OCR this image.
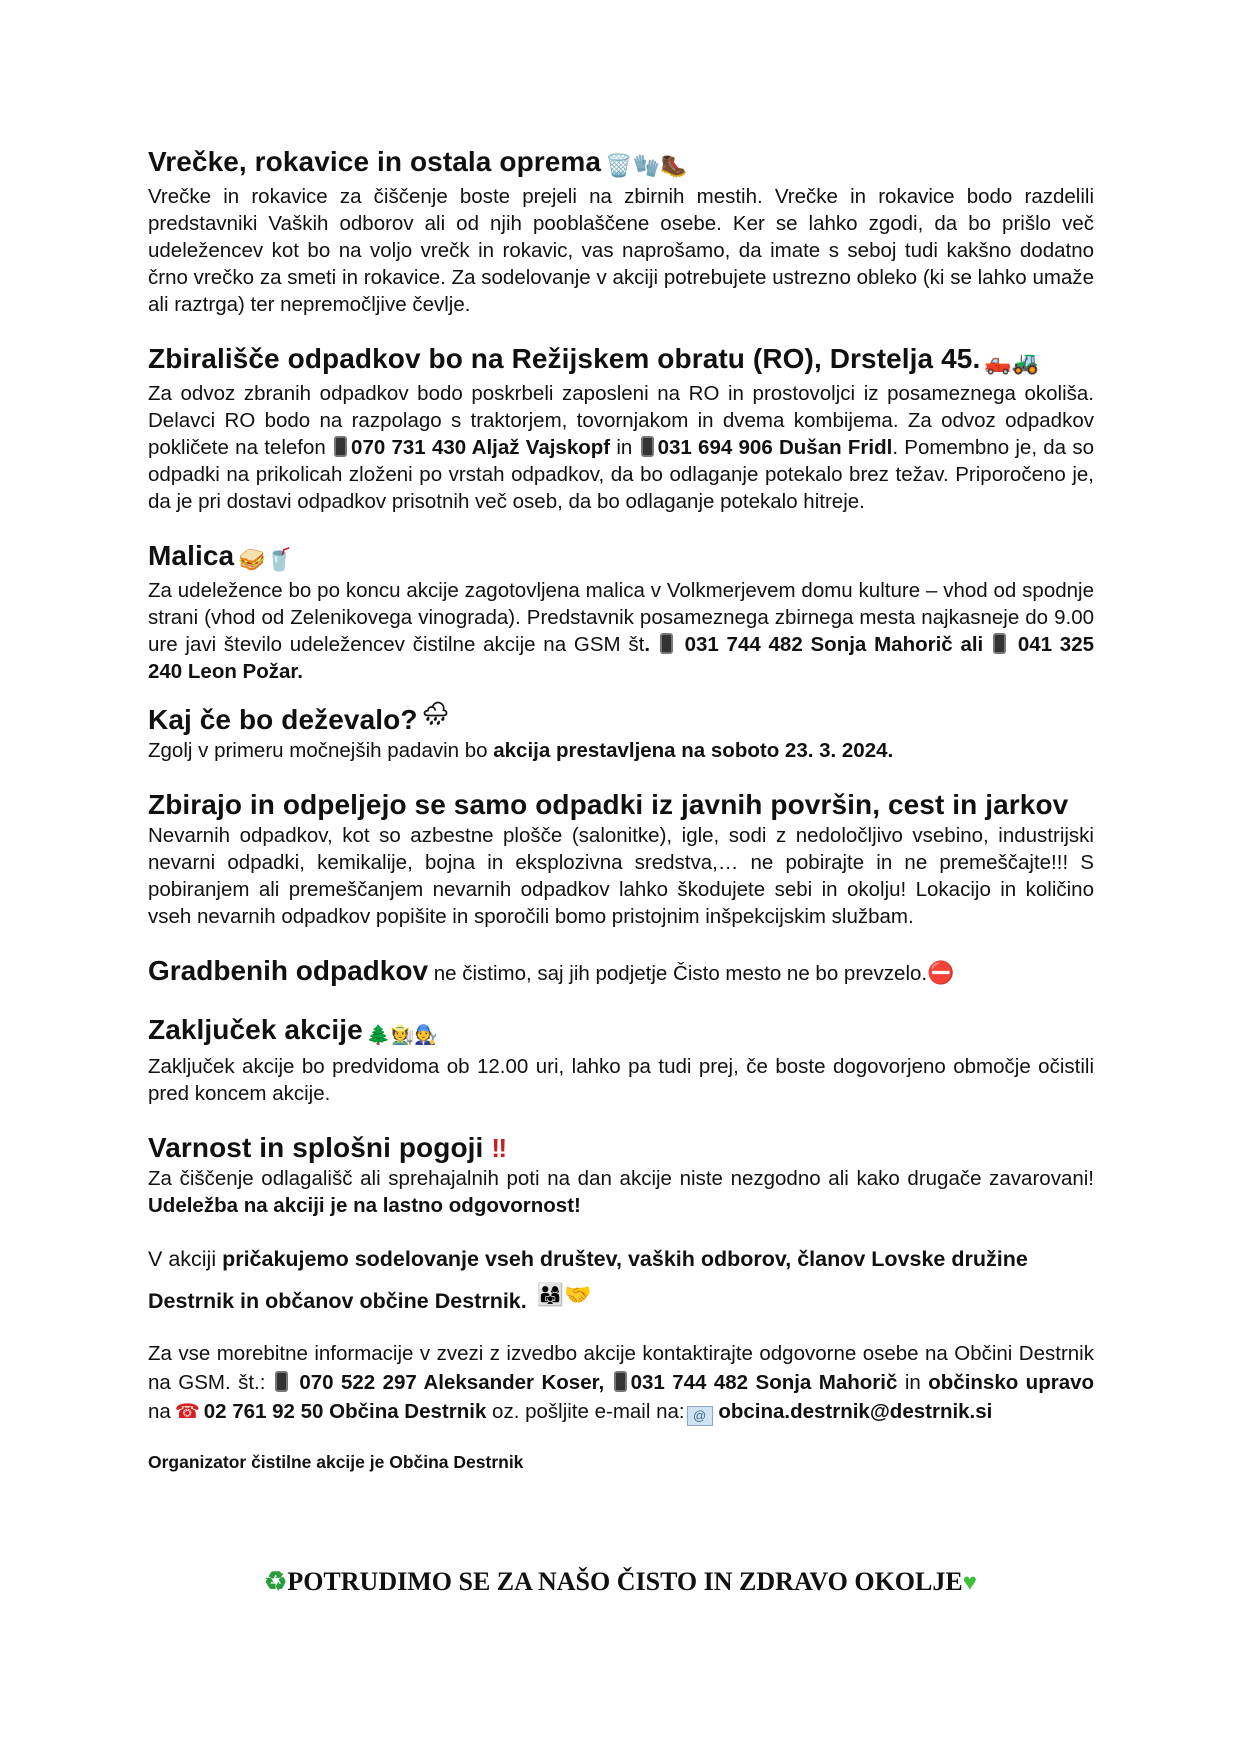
Vrečke, rokavice in ostala oprema 🗑️🧤🥾

Vrečke in rokavice za čiščenje boste prejeli na zbirnih mestih. Vrečke in rokavice bodo razdelili predstavniki Vaških odborov ali od njih pooblaščene osebe. Ker se lahko zgodi, da bo prišlo več udeležencev kot bo na voljo vrečk in rokavic, vas naprošamo, da imate s seboj tudi kakšno dodatno črno vrečko za smeti in rokavice. Za sodelovanje v akciji potrebujete ustrezno obleko (ki se lahko umaže ali raztrga) ter nepremočljive čevlje.

Zbirališče odpadkov bo na Režijskem obratu (RO), Drstelja 45. 🛻🚜

Za odvoz zbranih odpadkov bodo poskrbeli zaposleni na RO in prostovoljci iz posameznega okoliša. Delavci RO bodo na razpolago s traktorjem, tovornjakom in dvema kombijema. Za odvoz odpadkov pokličete na telefon 070 731 430 Aljaž Vajskopf in 031 694 906 Dušan Fridl. Pomembno je, da so odpadki na prikolicah zloženi po vrstah odpadkov, da bo odlaganje potekalo brez težav. Priporočeno je, da je pri dostavi odpadkov prisotnih več oseb, da bo odlaganje potekalo hitreje.

Malica 🥪🥤

Za udeležence bo po koncu akcije zagotovljena malica v Volkmerjevem domu kulture – vhod od spodnje strani (vhod od Zelenikovega vinograda). Predstavnik posameznega zbirnega mesta najkasneje do 9.00 ure javi število udeležencev čistilne akcije na GSM št. 031 744 482 Sonja Mahorič ali 041 325 240 Leon Požar.

Kaj če bo deževalo? 🌧

Zgolj v primeru močnejših padavin bo akcija prestavljena na soboto 23. 3. 2024.

Zbirajo in odpeljejo se samo odpadki iz javnih površin, cest in jarkov

Nevarnih odpadkov, kot so azbestne plošče (salonitke), igle, sodi z nedoločljivo vsebino, industrijski nevarni odpadki, kemikalije, bojna in eksplozivna sredstva,… ne pobirajte in ne premeščajte!!! S pobiranjem ali premeščanjem nevarnih odpadkov lahko škodujete sebi in okolju! Lokacijo in količino vseh nevarnih odpadkov popišite in sporočili bomo pristojnim inšpekcijskim službam.

Gradbenih odpadkov ne čistimo, saj jih podjetje Čisto mesto ne bo prevzelo.⛔

Zaključek akcije 🌲🧑‍🌾🧑‍🔧

Zaključek akcije bo predvidoma ob 12.00 uri, lahko pa tudi prej, če boste dogovorjeno območje očistili pred koncem akcije.

Varnost in splošni pogoji ‼

Za čiščenje odlagališč ali sprehajalnih poti na dan akcije niste nezgodno ali kako drugače zavarovani! Udeležba na akciji je na lastno odgovornost!

V akciji pričakujemo sodelovanje vseh društev, vaških odborov, članov Lovske družine Destrnik in občanov občine Destrnik. 👨‍👩‍👧🤝

Za vse morebitne informacije v zvezi z izvedbo akcije kontaktirajte odgovorne osebe na Občini Destrnik na GSM. št.: 070 522 297 Aleksander Koser, 031 744 482 Sonja Mahorič in občinsko upravo na ☎ 02 761 92 50 Občina Destrnik oz. pošljite e-mail na: @ obcina.destrnik@destrnik.si

Organizator čistilne akcije je Občina Destrnik

♻POTRUDIMO SE ZA NAŠO ČISTO IN ZDRAVO OKOLJE♥
